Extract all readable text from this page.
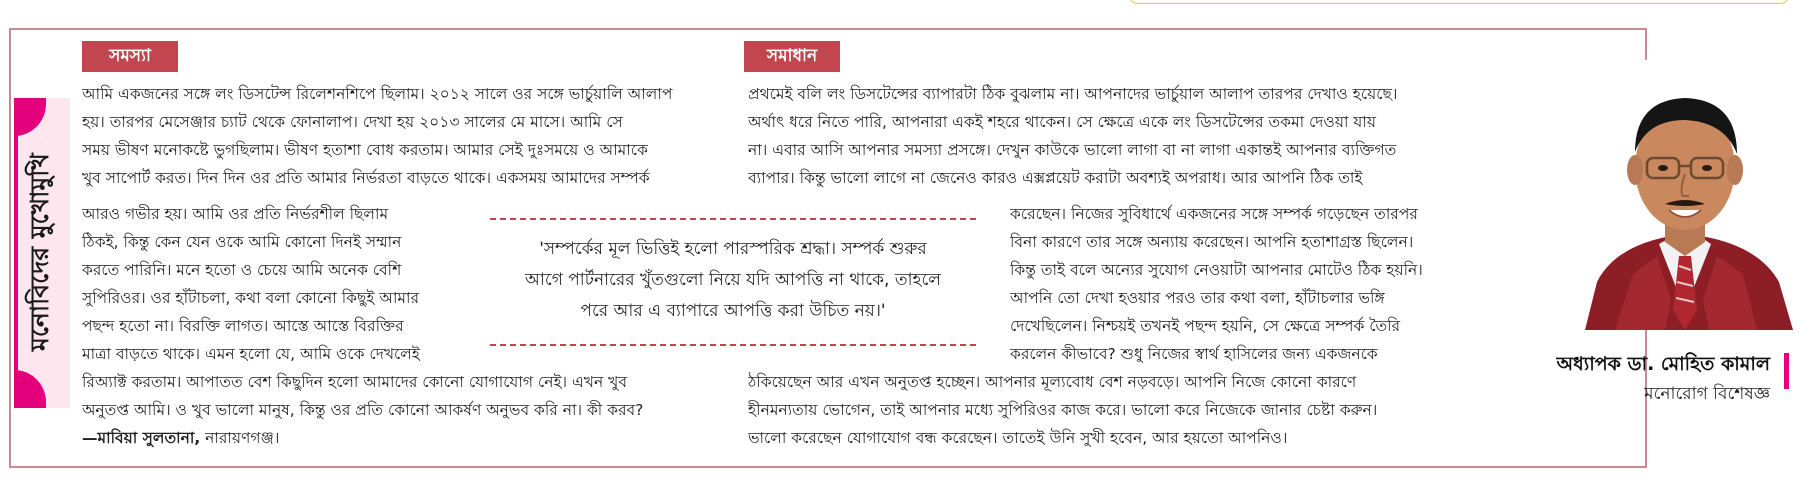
মনোবিদের মুখোমুখি
সমস্যা	সমাধান

আমি একজনের সঙ্গে লং ডিসটেন্স রিলেশনশিপে ছিলাম। ২০১২ সালে ওর সঙ্গে ভার্চুয়ালি আলাপ

হয়। তারপর মেসেঞ্জার চ্যাট থেকে ফোনালাপ। দেখা হয় ২০১৩ সালের মে মাসে। আমি সে

সময় ভীষণ মনোকষ্টে ভুগছিলাম। ভীষণ হতাশা বোধ করতাম। আমার সেই দুঃসময়ে ও আমাকে

খুব সাপোর্ট করত। দিন দিন ওর প্রতি আমার নির্ভরতা বাড়তে থাকে। একসময় আমাদের সম্পর্ক

আরও গভীর হয়। আমি ওর প্রতি নির্ভরশীল ছিলাম

ঠিকই, কিন্তু কেন যেন ওকে আমি কোনো দিনই সম্মান

করতে পারিনি। মনে হতো ও চেয়ে আমি অনেক বেশি

সুপিরিওর। ওর হাঁটাচলা, কথা বলা কোনো কিছুই আমার

পছন্দ হতো না। বিরক্তি লাগত। আস্তে আস্তে বিরক্তির

মাত্রা বাড়তে থাকে। এমন হলো যে, আমি ওকে দেখলেই

রিঅ্যাক্ট করতাম। আপাতত বেশ কিছুদিন হলো আমাদের কোনো যোগাযোগ নেই। এখন খুব

অনুতপ্ত আমি। ও খুব ভালো মানুষ, কিন্তু ওর প্রতি কোনো আকর্ষণ অনুভব করি না। কী করব?

—মাবিয়া সুলতানা, নারায়ণগঞ্জ।

'সম্পর্কের মূল ভিত্তিই হলো পারস্পরিক শ্রদ্ধা। সম্পর্ক শুরুর

আগে পার্টনারের খুঁতগুলো নিয়ে যদি আপত্তি না থাকে, তাহলে

পরে আর এ ব্যাপারে আপত্তি করা উচিত নয়।'

প্রথমেই বলি লং ডিসটেন্সের ব্যাপারটা ঠিক বুঝলাম না। আপনাদের ভার্চুয়াল আলাপ তারপর দেখাও হয়েছে।

অর্থাৎ ধরে নিতে পারি, আপনারা একই শহরে থাকেন। সে ক্ষেত্রে একে লং ডিসটেন্সের তকমা দেওয়া যায়

না। এবার আসি আপনার সমস্যা প্রসঙ্গে। দেখুন কাউকে ভালো লাগা বা না লাগা একান্তই আপনার ব্যক্তিগত

ব্যাপার। কিন্তু ভালো লাগে না জেনেও কারও এক্সপ্লয়েট করাটা অবশ্যই অপরাধ। আর আপনি ঠিক তাই

করেছেন। নিজের সুবিধার্থে একজনের সঙ্গে সম্পর্ক গড়েছেন তারপর

বিনা কারণে তার সঙ্গে অন্যায় করেছেন। আপনি হতাশাগ্রস্ত ছিলেন।

কিন্তু তাই বলে অন্যের সুযোগ নেওয়াটা আপনার মোটেও ঠিক হয়নি।

আপনি তো দেখা হওয়ার পরও তার কথা বলা, হাঁটাচলার ভঙ্গি

দেখেছিলেন। নিশ্চয়ই তখনই পছন্দ হয়নি, সে ক্ষেত্রে সম্পর্ক তৈরি

করলেন কীভাবে? শুধু নিজের স্বার্থ হাসিলের জন্য একজনকে

ঠকিয়েছেন আর এখন অনুতপ্ত হচ্ছেন। আপনার মূল্যবোধ বেশ নড়বড়ে। আপনি নিজে কোনো কারণে

হীনমন্যতায় ভোগেন, তাই আপনার মধ্যে সুপিরিওর কাজ করে। ভালো করে নিজেকে জানার চেষ্টা করুন।

ভালো করেছেন যোগাযোগ বন্ধ করেছেন। তাতেই উনি সুখী হবেন, আর হয়তো আপনিও।

অধ্যাপক ডা. মোহিত কামাল
মনোরোগ বিশেষজ্ঞ
